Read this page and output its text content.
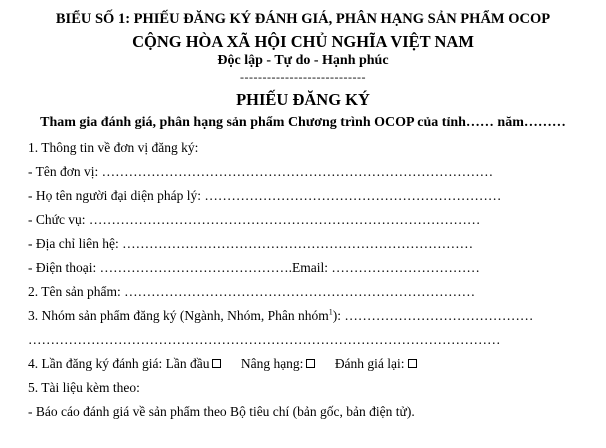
BIỂU SỐ 1: PHIẾU ĐĂNG KÝ ĐÁNH GIÁ, PHÂN HẠNG SẢN PHẨM OCOP
CỘNG HÒA XÃ HỘI CHỦ NGHĨA VIỆT NAM
Độc lập - Tự do - Hạnh phúc
----------------------------
PHIẾU ĐĂNG KÝ
Tham gia đánh giá, phân hạng sản phẩm Chương trình OCOP của tỉnh…… năm………
1. Thông tin về đơn vị đăng ký:
- Tên đơn vị: ……………………………………………………………………………
- Họ tên người đại diện pháp lý: …………………………………………………………
- Chức vụ: ……………………………………………………………………………
- Địa chỉ liên hệ: ……………………………………………………………………
- Điện thoại: …………………………………….Email: ……………………………
2. Tên sản phẩm: ……………………………………………………………………
3. Nhóm sản phẩm đăng ký (Ngành, Nhóm, Phân nhóm$^1$): ……………………………………
……………………………………………………………………………………………
4. Lần đăng ký đánh giá: Lần đầu Nâng hạng: Đánh giá lại:
5. Tài liệu kèm theo:
- Báo cáo đánh giá về sản phẩm theo Bộ tiêu chí (bản gốc, bản điện tử).
